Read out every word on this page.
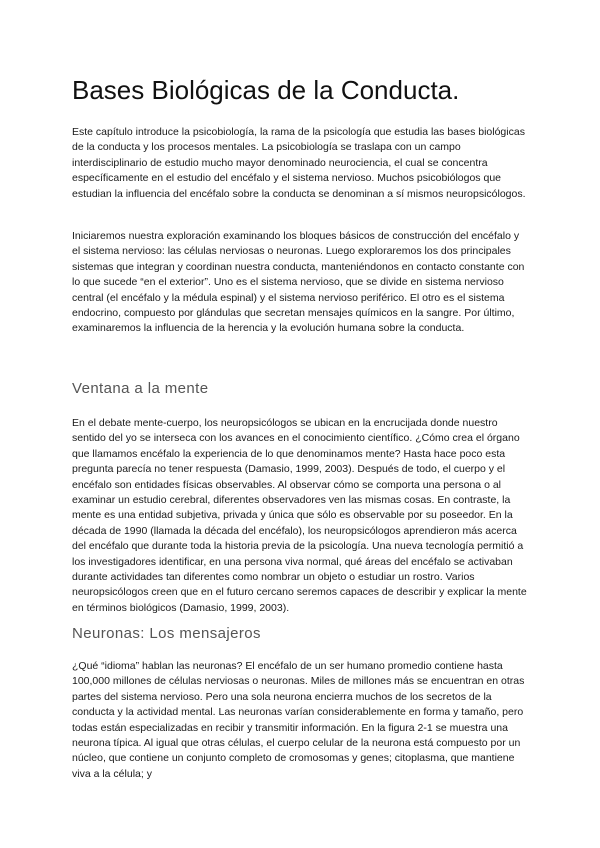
Bases Biológicas de la Conducta.

Este capítulo introduce la psicobiología, la rama de la psicología que estudia las bases biológicas de la conducta y los procesos mentales. La psicobiología se traslapa con un campo interdisciplinario de estudio mucho mayor denominado neurociencia, el cual se concentra específicamente en el estudio del encéfalo y el sistema nervioso. Muchos psicobiólogos que estudian la influencia del encéfalo sobre la conducta se denominan a sí mismos neuropsicólogos.

Iniciaremos nuestra exploración examinando los bloques básicos de construcción del encéfalo y el sistema nervioso: las células nerviosas o neuronas. Luego exploraremos los dos principales sistemas que integran y coordinan nuestra conducta, manteniéndonos en contacto constante con lo que sucede “en el exterior”. Uno es el sistema nervioso, que se divide en sistema nervioso central (el encéfalo y la médula espinal) y el sistema nervioso periférico. El otro es el sistema endocrino, compuesto por glándulas que secretan mensajes químicos en la sangre. Por último, examinaremos la influencia de la herencia y la evolución humana sobre la conducta.

Ventana a la mente

En el debate mente-cuerpo, los neuropsicólogos se ubican en la encrucijada donde nuestro sentido del yo se interseca con los avances en el conocimiento científico. ¿Cómo crea el órgano que llamamos encéfalo la experiencia de lo que denominamos mente? Hasta hace poco esta pregunta parecía no tener respuesta (Damasio, 1999, 2003). Después de todo, el cuerpo y el encéfalo son entidades físicas observables. Al observar cómo se comporta una persona o al examinar un estudio cerebral, diferentes observadores ven las mismas cosas. En contraste, la mente es una entidad subjetiva, privada y única que sólo es observable por su poseedor. En la década de 1990 (llamada la década del encéfalo), los neuropsicólogos aprendieron más acerca del encéfalo que durante toda la historia previa de la psicología. Una nueva tecnología permitió a los investigadores identificar, en una persona viva normal, qué áreas del encéfalo se activaban durante actividades tan diferentes como nombrar un objeto o estudiar un rostro. Varios neuropsicólogos creen que en el futuro cercano seremos capaces de describir y explicar la mente en términos biológicos (Damasio, 1999, 2003).

Neuronas: Los mensajeros

¿Qué “idioma” hablan las neuronas? El encéfalo de un ser humano promedio contiene hasta 100,000 millones de células nerviosas o neuronas. Miles de millones más se encuentran en otras partes del sistema nervioso. Pero una sola neurona encierra muchos de los secretos de la conducta y la actividad mental. Las neuronas varían considerablemente en forma y tamaño, pero todas están especializadas en recibir y transmitir información. En la figura 2-1 se muestra una neurona típica. Al igual que otras células, el cuerpo celular de la neurona está compuesto por un núcleo, que contiene un conjunto completo de cromosomas y genes; citoplasma, que mantiene viva a la célula; y
